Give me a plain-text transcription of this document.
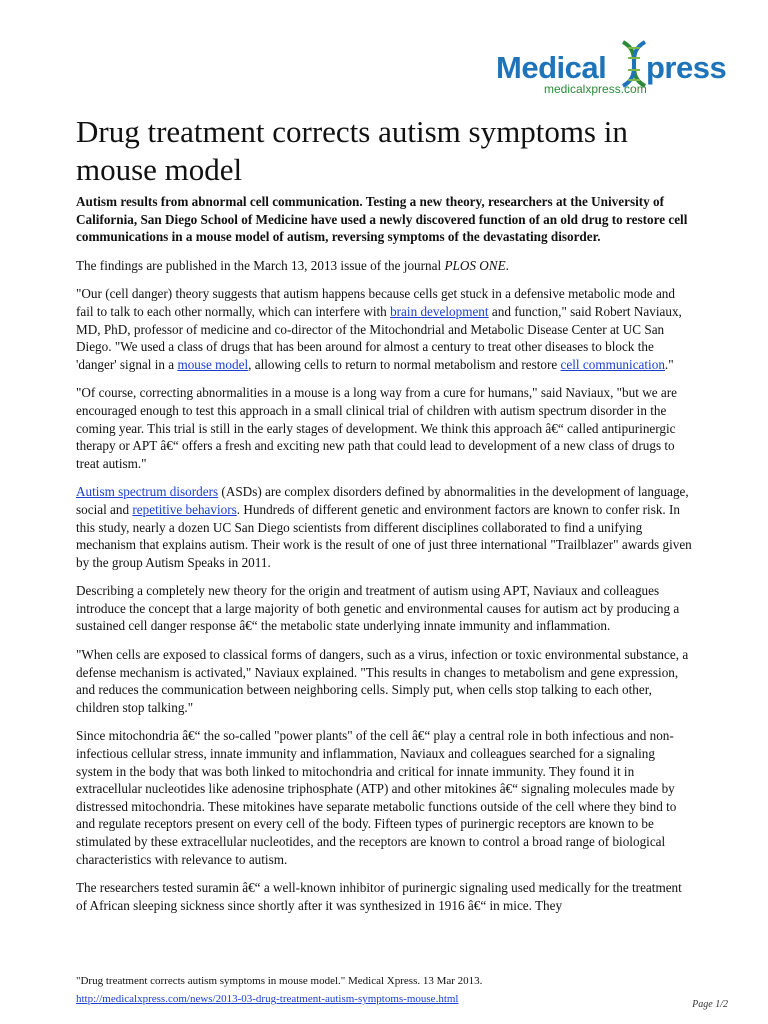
Medical press
medicalxpress.com
Drug treatment corrects autism symptoms in mouse model

Autism results from abnormal cell communication. Testing a new theory, researchers at the University of California, San Diego School of Medicine have used a newly discovered function of an old drug to restore cell communications in a mouse model of autism, reversing symptoms of the devastating disorder.

The findings are published in the March 13, 2013 issue of the journal PLOS ONE.

"Our (cell danger) theory suggests that autism happens because cells get stuck in a defensive metabolic mode and fail to talk to each other normally, which can interfere with brain development and function," said Robert Naviaux, MD, PhD, professor of medicine and co-director of the Mitochondrial and Metabolic Disease Center at UC San Diego. "We used a class of drugs that has been around for almost a century to treat other diseases to block the 'danger' signal in a mouse model, allowing cells to return to normal metabolism and restore cell communication."

"Of course, correcting abnormalities in a mouse is a long way from a cure for humans," said Naviaux, "but we are encouraged enough to test this approach in a small clinical trial of children with autism spectrum disorder in the coming year. This trial is still in the early stages of development. We think this approach â€“ called antipurinergic therapy or APT â€“ offers a fresh and exciting new path that could lead to development of a new class of drugs to treat autism."

Autism spectrum disorders (ASDs) are complex disorders defined by abnormalities in the development of language, social and repetitive behaviors. Hundreds of different genetic and environment factors are known to confer risk. In this study, nearly a dozen UC San Diego scientists from different disciplines collaborated to find a unifying mechanism that explains autism. Their work is the result of one of just three international "Trailblazer" awards given by the group Autism Speaks in 2011.

Describing a completely new theory for the origin and treatment of autism using APT, Naviaux and colleagues introduce the concept that a large majority of both genetic and environmental causes for autism act by producing a sustained cell danger response â€“ the metabolic state underlying innate immunity and inflammation.

"When cells are exposed to classical forms of dangers, such as a virus, infection or toxic environmental substance, a defense mechanism is activated," Naviaux explained. "This results in changes to metabolism and gene expression, and reduces the communication between neighboring cells. Simply put, when cells stop talking to each other, children stop talking."

Since mitochondria â€“ the so-called "power plants" of the cell â€“ play a central role in both infectious and non-infectious cellular stress, innate immunity and inflammation, Naviaux and colleagues searched for a signaling system in the body that was both linked to mitochondria and critical for innate immunity. They found it in extracellular nucleotides like adenosine triphosphate (ATP) and other mitokines â€“ signaling molecules made by distressed mitochondria. These mitokines have separate metabolic functions outside of the cell where they bind to and regulate receptors present on every cell of the body. Fifteen types of purinergic receptors are known to be stimulated by these extracellular nucleotides, and the receptors are known to control a broad range of biological characteristics with relevance to autism.

The researchers tested suramin â€“ a well-known inhibitor of purinergic signaling used medically for the treatment of African sleeping sickness since shortly after it was synthesized in 1916 â€“ in mice. They

"Drug treatment corrects autism symptoms in mouse model." Medical Xpress. 13 Mar 2013.
http://medicalxpress.com/news/2013-03-drug-treatment-autism-symptoms-mouse.html	Page 1/2
